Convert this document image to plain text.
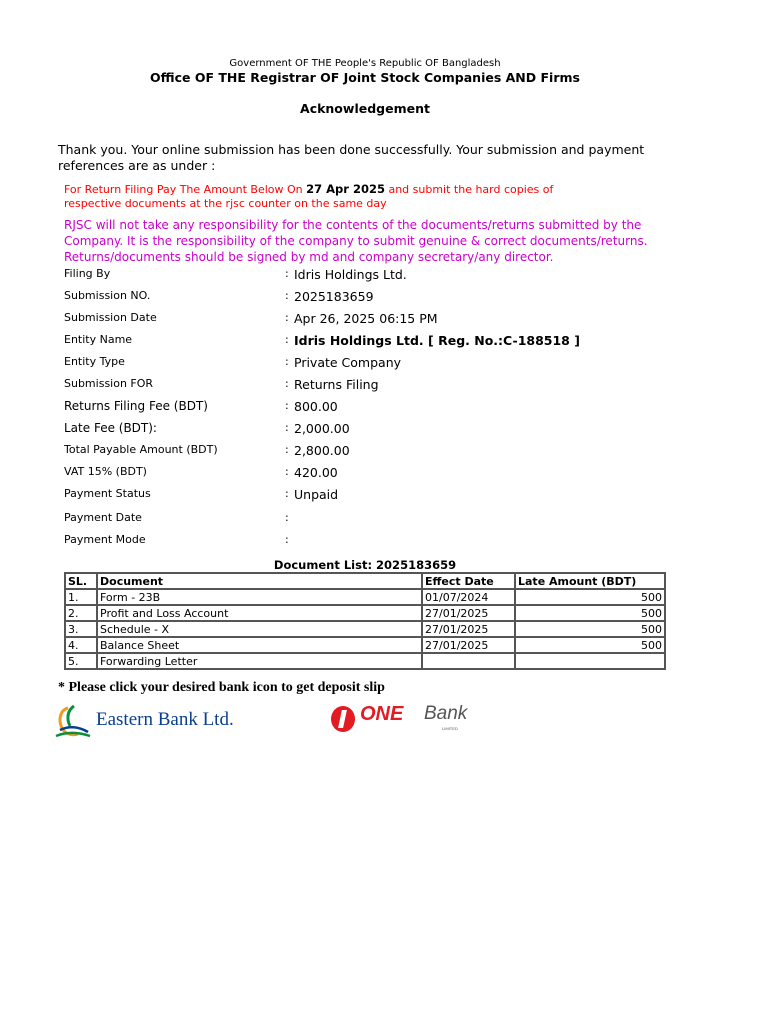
Government OF THE People's Republic OF Bangladesh
Office OF THE Registrar OF Joint Stock Companies AND Firms
Acknowledgement
Thank you. Your online submission has been done successfully. Your submission and payment references are as under :
For Return Filing Pay The Amount Below On 27 Apr 2025 and submit the hard copies of respective documents at the rjsc counter on the same day
RJSC will not take any responsibility for the contents of the documents/returns submitted by the Company. It is the responsibility of the company to submit genuine & correct documents/returns. Returns/documents should be signed by md and company secretary/any director.
Filing By	: Idris Holdings Ltd.
Submission NO.	: 2025183659
Submission Date	: Apr 26, 2025 06:15 PM
Entity Name	: Idris Holdings Ltd. [ Reg. No.:C-188518 ]
Entity Type	: Private Company
Submission FOR	: Returns Filing
Returns Filing Fee (BDT)	: 800.00
Late Fee (BDT):	: 2,000.00
Total Payable Amount (BDT)	: 2,800.00
VAT 15% (BDT)	: 420.00
Payment Status	: Unpaid
Payment Date	:
Payment Mode	:
Document List: 2025183659
SL.	Document	Effect Date	Late Amount (BDT)
1.	Form - 23B	01/07/2024	500
2.	Profit and Loss Account	27/01/2025	500
3.	Schedule - X	27/01/2025	500
4.	Balance Sheet	27/01/2025	500
5.	Forwarding Letter		
* Please click your desired bank icon to get deposit slip
Eastern Bank Ltd.	ONE Bank
LIMITED
